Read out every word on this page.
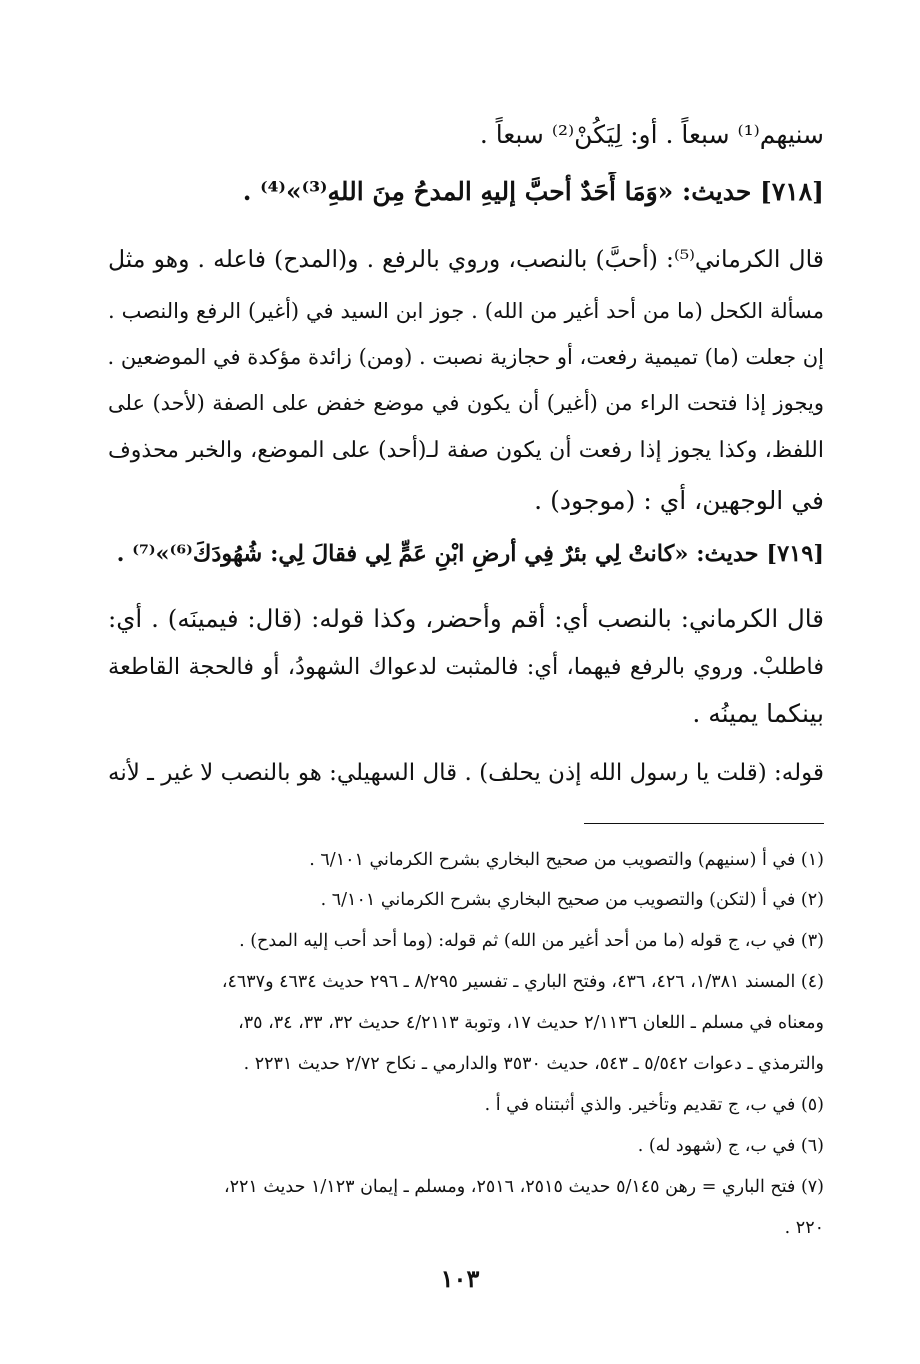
سنيهم⁽¹⁾ سبعاً . أو: لِيَكُنْ⁽²⁾ سبعاً .
[٧١٨] حديث: «وَمَا أَحَدٌ أحبَّ إليهِ المدحُ مِنَ اللهِ⁽³⁾»⁽⁴⁾ .
قال الكرماني⁽⁵⁾: (أحبَّ) بالنصب، وروي بالرفع . و(المدح) فاعله . وهو مثل
مسألة الكحل (ما من أحد أغير من الله) . جوز ابن السيد في (أغير) الرفع والنصب .
إن جعلت (ما) تميمية رفعت، أو حجازية نصبت . (ومن) زائدة مؤكدة في الموضعين .
ويجوز إذا فتحت الراء من (أغير) أن يكون في موضع خفض على الصفة (لأحد) على
اللفظ، وكذا يجوز إذا رفعت أن يكون صفة لـ(أحد) على الموضع، والخبر محذوف
في الوجهين، أي : (موجود) .
[٧١٩] حديث: «كانتْ لِي بئرٌ فِي أرضِ ابْنِ عَمٍّ لِي فقالَ لِي: شُهُودَكَ⁽⁶⁾»⁽⁷⁾ .
قال الكرماني: بالنصب أي: أقم وأحضر، وكذا قوله: (قال: فيمينَه) . أي:
فاطلبْ. وروي بالرفع فيهما، أي: فالمثبت لدعواك الشهودُ، أو فالحجة القاطعة
بينكما يمينُه .
قوله: (قلت يا رسول الله إذن يحلف) . قال السهيلي: هو بالنصب لا غير ـ لأنه
(١) في أ (سنيهم) والتصويب من صحيح البخاري بشرح الكرماني ٦/١٠١ .
(٢) في أ (لتكن) والتصويب من صحيح البخاري بشرح الكرماني ٦/١٠١ .
(٣) في ب، ج قوله (ما من أحد أغير من الله) ثم قوله: (وما أحد أحب إليه المدح) .
(٤) المسند ١/٣٨١، ٤٢٦، ٤٣٦، وفتح الباري ـ تفسير ٨/٢٩٥ ـ ٢٩٦ حديث ٤٦٣٤ و٤٦٣٧،
ومعناه في مسلم ـ اللعان ٢/١١٣٦ حديث ١٧، وتوبة ٤/٢١١٣ حديث ٣٢، ٣٣، ٣٤، ٣٥،
والترمذي ـ دعوات ٥/٥٤٢ ـ ٥٤٣، حديث ٣٥٣٠ والدارمي ـ نكاح ٢/٧٢ حديث ٢٢٣١ .
(٥) في ب، ج تقديم وتأخير. والذي أثبتناه في أ .
(٦) في ب، ج (شهود له) .
(٧) فتح الباري = رهن ٥/١٤٥ حديث ٢٥١٥، ٢٥١٦، ومسلم ـ إيمان ١/١٢٣ حديث ٢٢١،
٢٢٠ .
١٠٣
